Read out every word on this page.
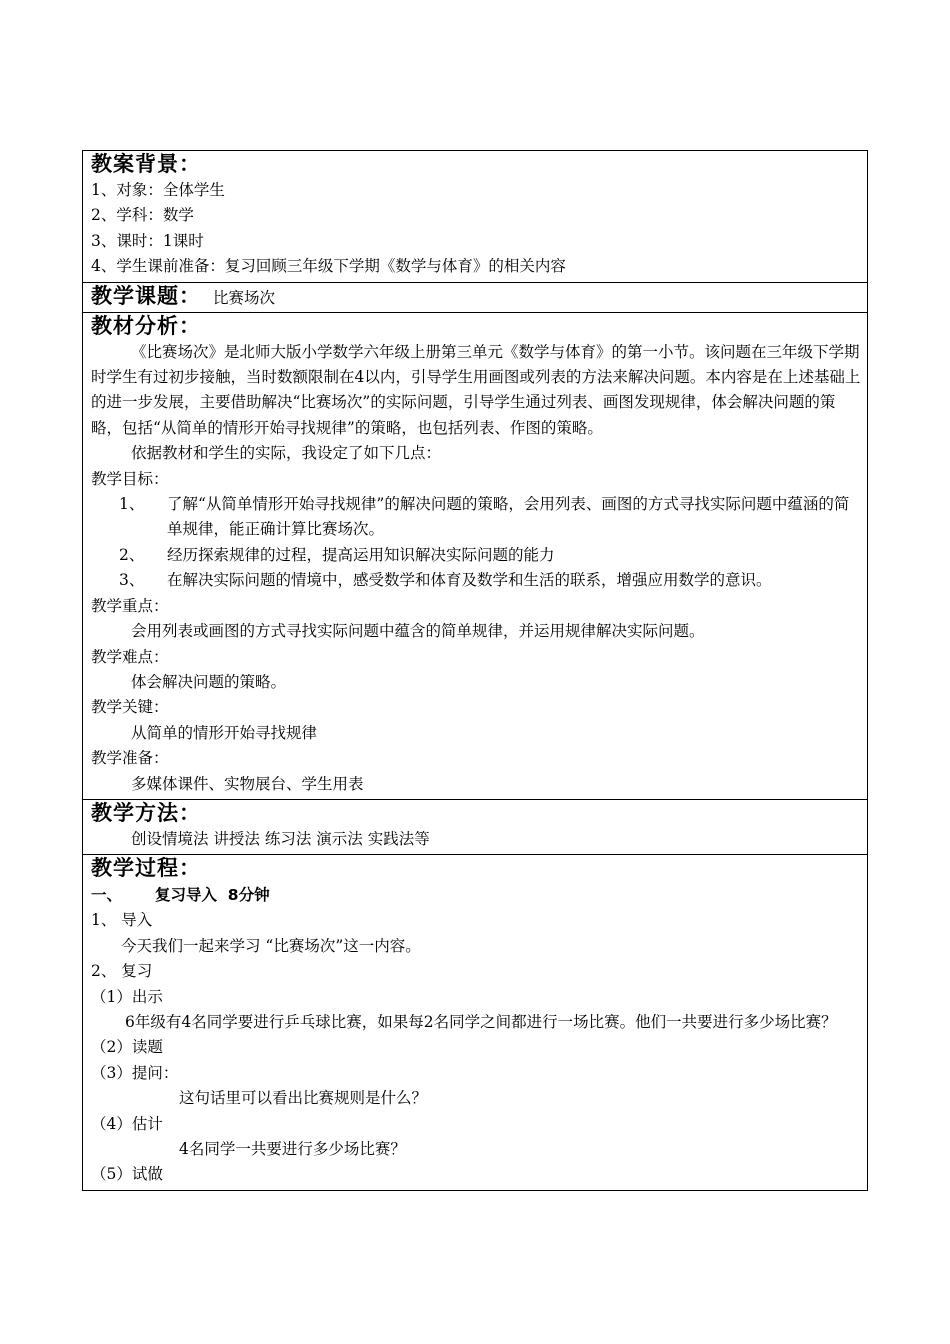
教案背景：
1、对象：全体学生
2、学科：数学
3、课时：1课时
4、学生课前准备：复习回顾三年级下学期《数学与体育》的相关内容
教学课题： 比赛场次
教材分析：
《比赛场次》是北师大版小学数学六年级上册第三单元《数学与体育》的第一小节。该问题在三年级下学期时学生有过初步接触，当时数额限制在4以内，引导学生用画图或列表的方法来解决问题。本内容是在上述基础上的进一步发展，主要借助解决“比赛场次”的实际问题，引导学生通过列表、画图发现规律，体会解决问题的策略，包括“从简单的情形开始寻找规律”的策略，也包括列表、作图的策略。
依据教材和学生的实际，我设定了如下几点：
教学目标：
1、	了解“从简单情形开始寻找规律”的解决问题的策略，会用列表、画图的方式寻找实际问题中蕴涵的简单规律，能正确计算比赛场次。
2、	经历探索规律的过程，提高运用知识解决实际问题的能力
3、	在解决实际问题的情境中，感受数学和体育及数学和生活的联系，增强应用数学的意识。
教学重点：
会用列表或画图的方式寻找实际问题中蕴含的简单规律，并运用规律解决实际问题。
教学难点：
体会解决问题的策略。
教学关键：
从简单的情形开始寻找规律
教学准备：
多媒体课件、实物展台、学生用表
教学方法：
创设情境法 讲授法 练习法 演示法 实践法等
教学过程：
一、	复习导入  8分钟
1、 导入
今天我们一起来学习 “比赛场次”这一内容。
2、 复习
（1）出示
6年级有4名同学要进行乒乓球比赛，如果每2名同学之间都进行一场比赛。他们一共要进行多少场比赛？
（2）读题
（3）提问：
这句话里可以看出比赛规则是什么？
（4）估计
4名同学一共要进行多少场比赛？
（5）试做
